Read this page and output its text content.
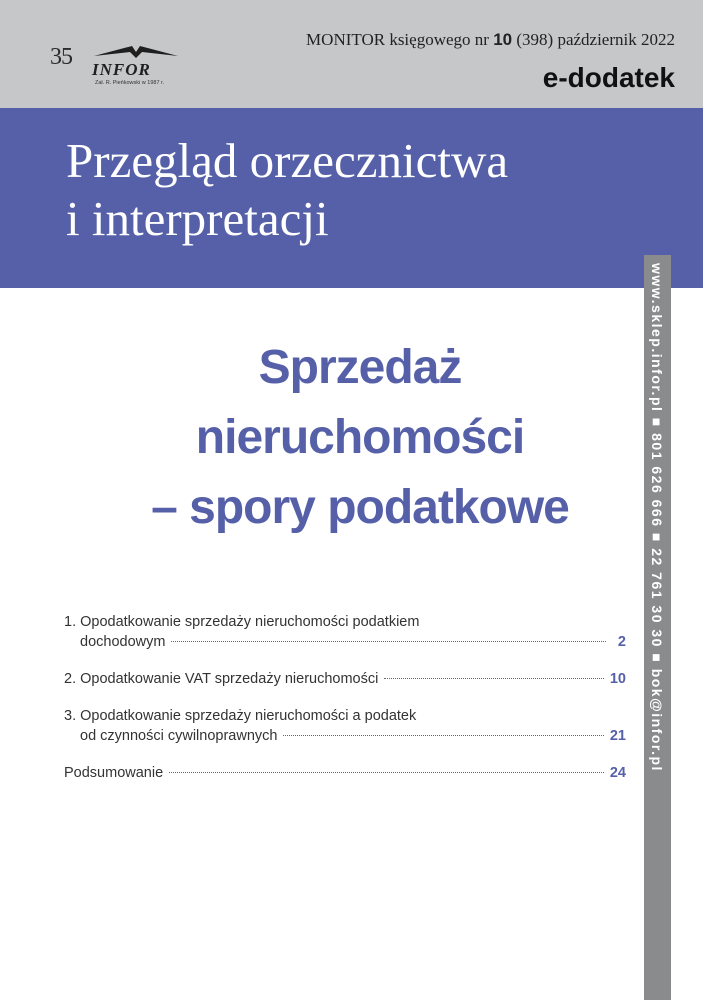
35 INFOR
Zał. R. Pieńkowski w 1987 r.
MONITOR księgowego nr 10 (398) październik 2022
e-dodatek
Przegląd orzecznictwa
i interpretacji
www.sklep.infor.pl ■ 801 626 666 ■ 22 761 30 30 ■ bok@infor.pl
Sprzedaż
nieruchomości
– spory podatkowe
1. Opodatkowanie sprzedaży nieruchomości podatkiem
dochodowym	2
2. Opodatkowanie VAT sprzedaży nieruchomości	10
3. Opodatkowanie sprzedaży nieruchomości a podatek
od czynności cywilnoprawnych	21
Podsumowanie	24
